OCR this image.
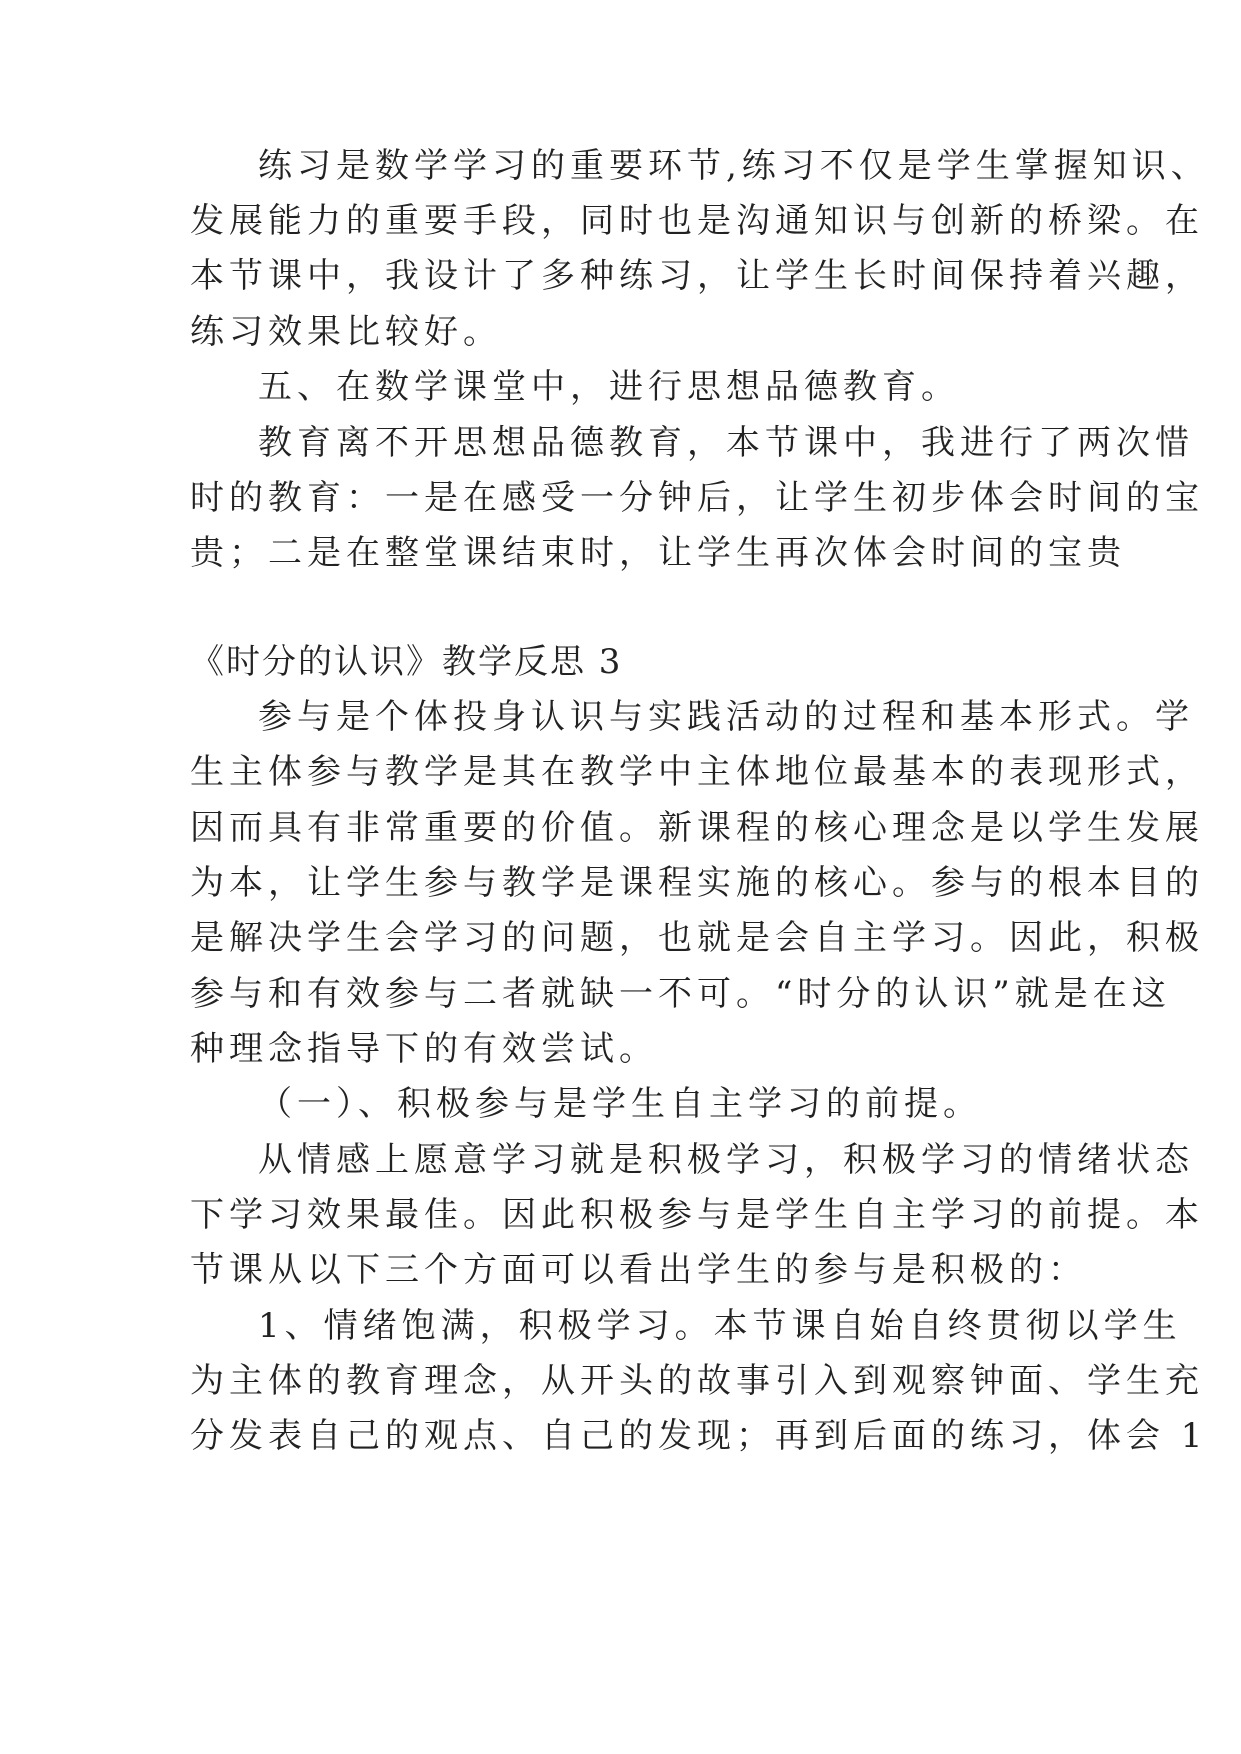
练习是数学学习的重要环节,练习不仅是学生掌握知识、

发展能力的重要手段，同时也是沟通知识与创新的桥梁。在

本节课中，我设计了多种练习，让学生长时间保持着兴趣，

练习效果比较好。

五、在数学课堂中，进行思想品德教育。

教育离不开思想品德教育，本节课中，我进行了两次惜

时的教育：一是在感受一分钟后，让学生初步体会时间的宝

贵；二是在整堂课结束时，让学生再次体会时间的宝贵

《时分的认识》教学反思 3

参与是个体投身认识与实践活动的过程和基本形式。学

生主体参与教学是其在教学中主体地位最基本的表现形式，

因而具有非常重要的价值。新课程的核心理念是以学生发展

为本，让学生参与教学是课程实施的核心。参与的根本目的

是解决学生会学习的问题，也就是会自主学习。因此，积极

参与和有效参与二者就缺一不可。“时分的认识”就是在这

种理念指导下的有效尝试。

（一）、积极参与是学生自主学习的前提。

从情感上愿意学习就是积极学习，积极学习的情绪状态

下学习效果最佳。因此积极参与是学生自主学习的前提。本

节课从以下三个方面可以看出学生的参与是积极的：

1、情绪饱满，积极学习。本节课自始自终贯彻以学生

为主体的教育理念，从开头的故事引入到观察钟面、学生充

分发表自己的观点、自己的发现；再到后面的练习，体会 1
